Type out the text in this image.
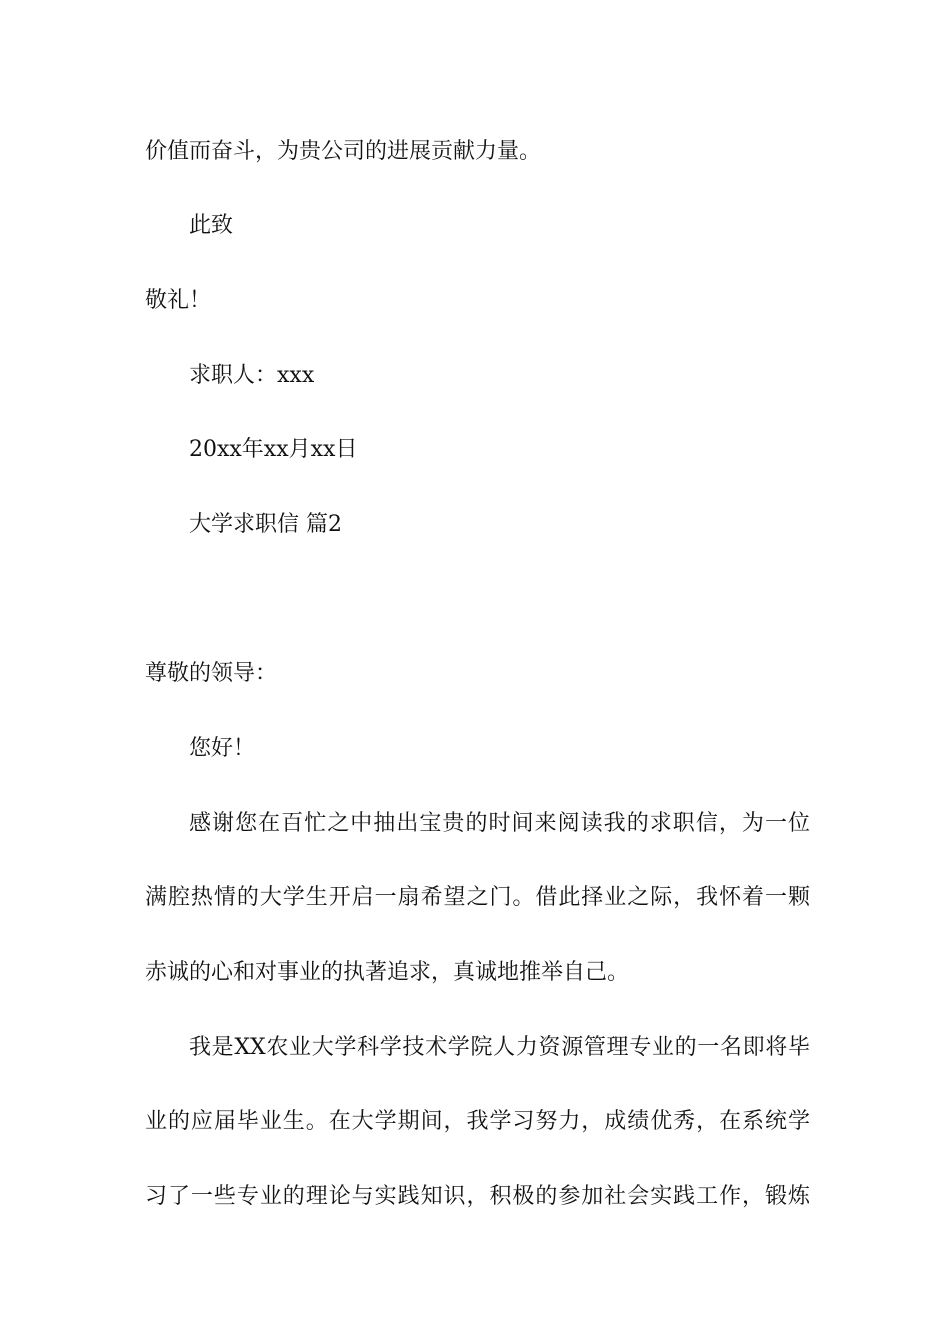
价值而奋斗，为贵公司的进展贡献力量。
此致
敬礼！
求职人：xxx
20xx年xx月xx日
大学求职信 篇2
尊敬的领导：
您好！
感谢您在百忙之中抽出宝贵的时间来阅读我的求职信，为一位
满腔热情的大学生开启一扇希望之门。借此择业之际，我怀着一颗
赤诚的心和对事业的执著追求，真诚地推举自己。
我是XX农业大学科学技术学院人力资源管理专业的一名即将毕
业的应届毕业生。在大学期间，我学习努力，成绩优秀，在系统学
习了一些专业的理论与实践知识，积极的参加社会实践工作，锻炼
